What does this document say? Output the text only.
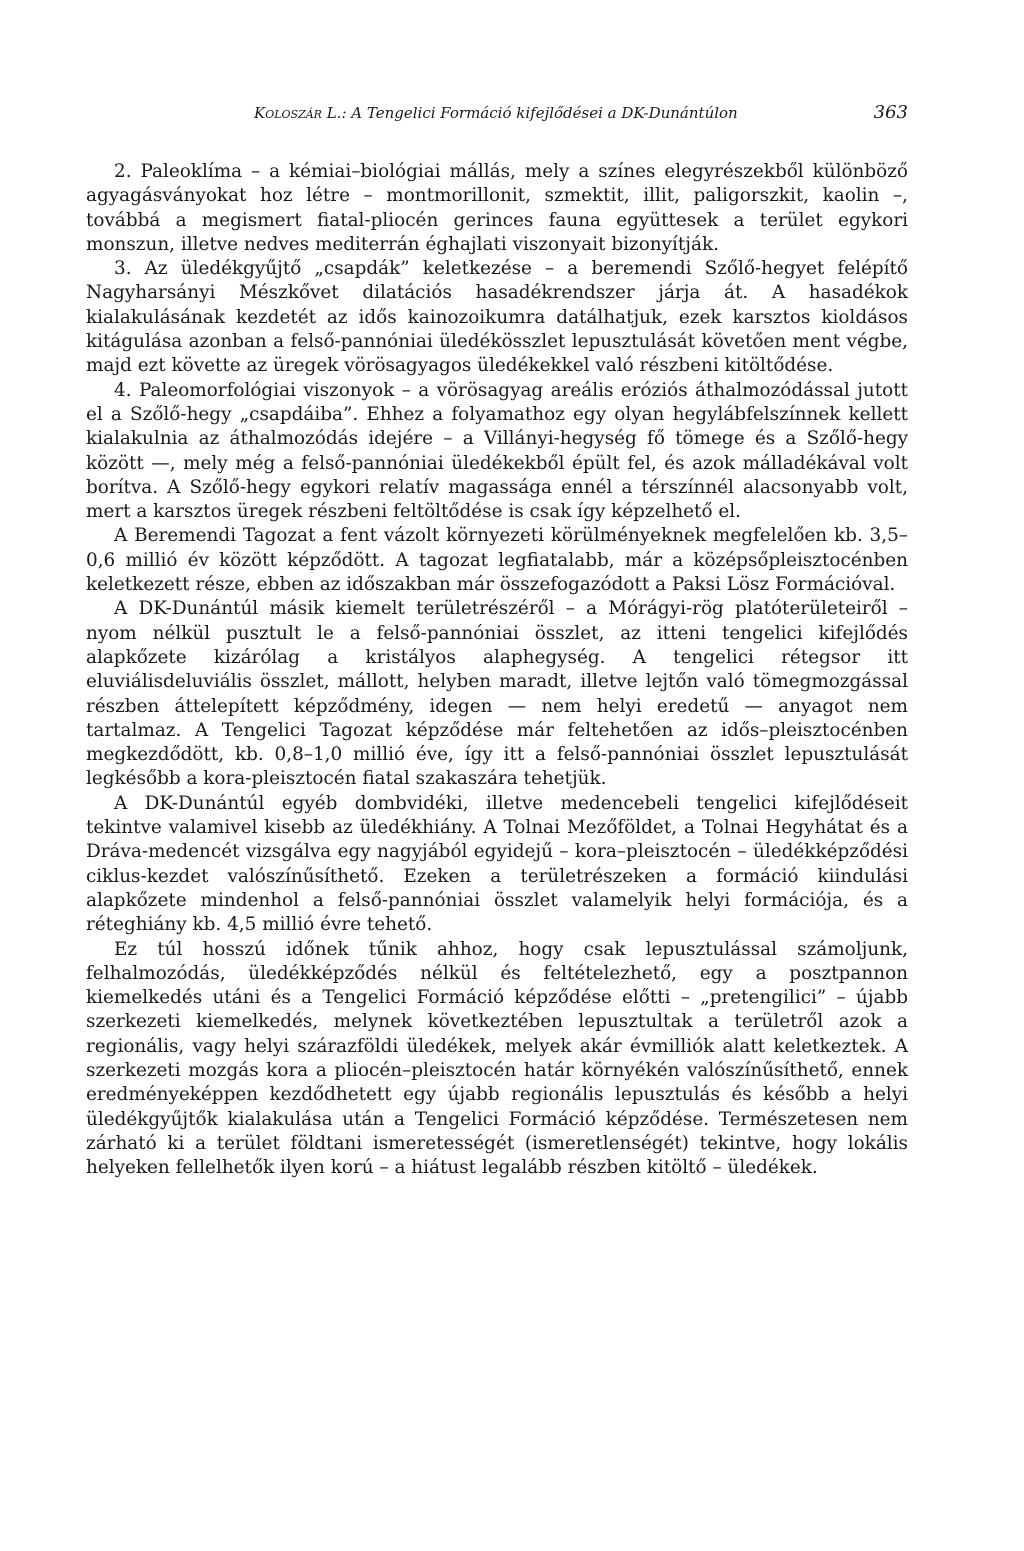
Koloszár L.: A Tengelici Formáció kifejlődései a DK-Dunántúlon	363

2. Paleoklíma – a kémiai–biológiai mállás, mely a színes elegyrészekből különböző agyagásványokat hoz létre – montmorillonit, szmektit, illit, paligorszkit, kaolin –, továbbá a megismert fiatal-pliocén gerinces fauna együttesek a terület egykori monszun, illetve nedves mediterrán éghajlati viszonyait bizonyítják.

3. Az üledékgyűjtő „csapdák” keletkezése – a beremendi Szőlő-hegyet felépítő Nagyharsányi Mészkővet dilatációs hasadékrendszer járja át. A hasadékok kialakulásának kezdetét az idős kainozoikumra datálhatjuk, ezek karsztos kioldásos kitágulása azonban a felső-pannóniai üledékösszlet lepusztulását követően ment végbe, majd ezt követte az üregek vörösagyagos üledékekkel való részbeni kitöltődése.

4. Paleomorfológiai viszonyok – a vörösagyag areális eróziós áthalmozódással jutott el a Szőlő-hegy „csapdáiba”. Ehhez a folyamathoz egy olyan hegylábfelszínnek kellett kialakulnia az áthalmozódás idejére – a Villányi-hegység fő tömege és a Szőlő-hegy között —, mely még a felső-pannóniai üledékekből épült fel, és azok málladékával volt borítva. A Szőlő-hegy egykori relatív magassága ennél a térszínnél alacsonyabb volt, mert a karsztos üregek részbeni feltöltődése is csak így képzelhető el.

A Beremendi Tagozat a fent vázolt környezeti körülményeknek megfelelően kb. 3,5–0,6 millió év között képződött. A tagozat legfiatalabb, már a középsőpleisztocénben keletkezett része, ebben az időszakban már összefogazódott a Paksi Lösz Formációval.

A DK-Dunántúl másik kiemelt területrészéről – a Mórágyi-rög platóterületeiről – nyom nélkül pusztult le a felső-pannóniai összlet, az itteni tengelici kifejlődés alapkőzete kizárólag a kristályos alaphegység. A tengelici rétegsor itt eluviálisdeluviális összlet, mállott, helyben maradt, illetve lejtőn való tömegmozgással részben áttelepített képződmény, idegen — nem helyi eredetű — anyagot nem tartalmaz. A Tengelici Tagozat képződése már feltehetően az idős–pleisztocénben megkezdődött, kb. 0,8–1,0 millió éve, így itt a felső-pannóniai összlet lepusztulását legkésőbb a kora-pleisztocén fiatal szakaszára tehetjük.

A DK-Dunántúl egyéb dombvidéki, illetve medencebeli tengelici kifejlődéseit tekintve valamivel kisebb az üledékhiány. A Tolnai Mezőföldet, a Tolnai Hegyhátat és a Dráva-medencét vizsgálva egy nagyjából egyidejű – kora–pleisztocén – üledékképződési ciklus-kezdet valószínűsíthető. Ezeken a területrészeken a formáció kiindulási alapkőzete mindenhol a felső-pannóniai összlet valamelyik helyi formációja, és a réteghiány kb. 4,5 millió évre tehető.

Ez túl hosszú időnek tűnik ahhoz, hogy csak lepusztulással számoljunk, felhalmozódás, üledékképződés nélkül és feltételezhető, egy a posztpannon kiemelkedés utáni és a Tengelici Formáció képződése előtti – „pretengilici” – újabb szerkezeti kiemelkedés, melynek következtében lepusztultak a területről azok a regionális, vagy helyi szárazföldi üledékek, melyek akár évmilliók alatt keletkeztek. A szerkezeti mozgás kora a pliocén–pleisztocén határ környékén valószínűsíthető, ennek eredményeképpen kezdődhetett egy újabb regionális lepusztulás és később a helyi üledékgyűjtők kialakulása után a Tengelici Formáció képződése. Természetesen nem zárható ki a terület földtani ismeretességét (ismeretlenségét) tekintve, hogy lokális helyeken fellelhetők ilyen korú – a hiátust legalább részben kitöltő – üledékek.
